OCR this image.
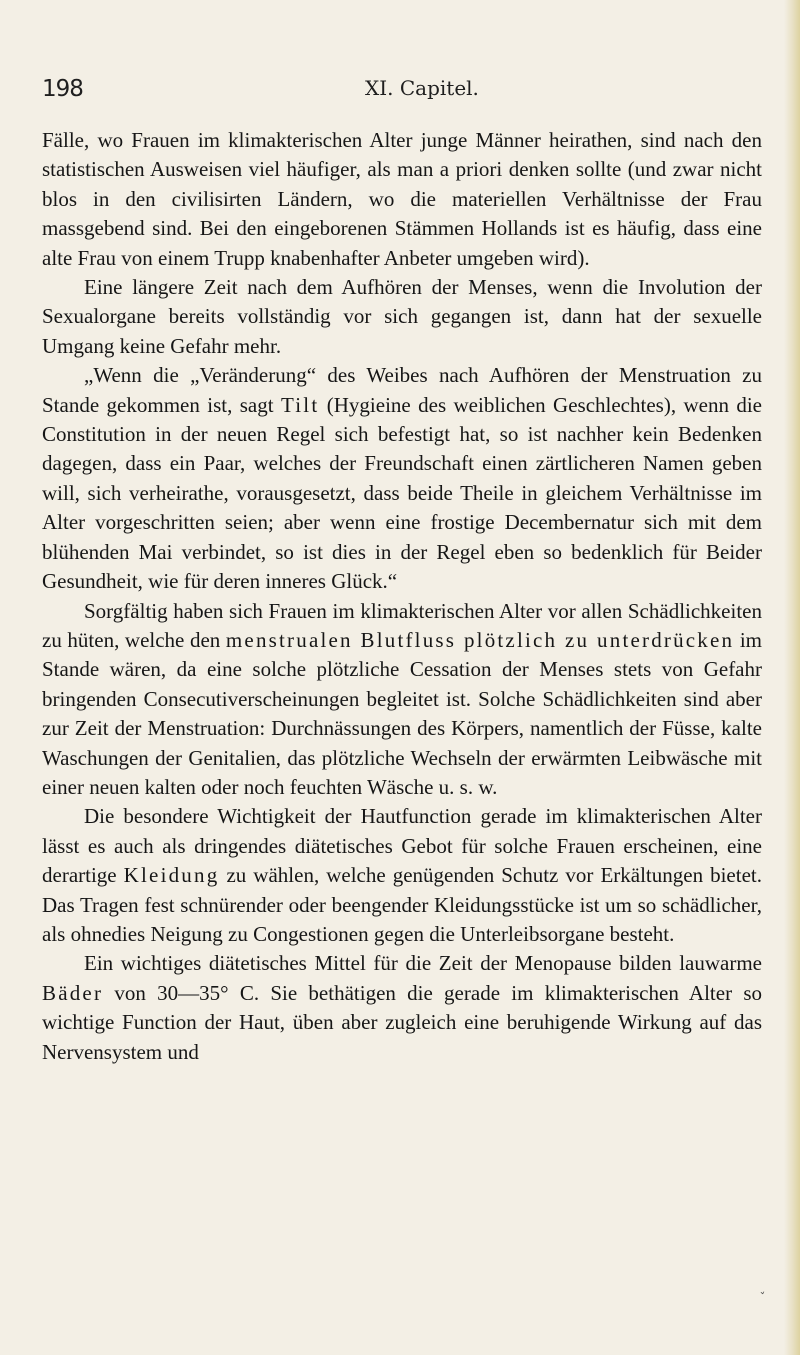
198	XI. Capitel.

Fälle, wo Frauen im klimakterischen Alter junge Männer heirathen, sind nach den statistischen Ausweisen viel häufiger, als man a priori denken sollte (und zwar nicht blos in den civilisirten Ländern, wo die materiellen Verhältnisse der Frau massgebend sind. Bei den eingeborenen Stämmen Hollands ist es häufig, dass eine alte Frau von einem Trupp knabenhafter Anbeter umgeben wird).

Eine längere Zeit nach dem Aufhören der Menses, wenn die Involution der Sexualorgane bereits vollständig vor sich gegangen ist, dann hat der sexuelle Umgang keine Gefahr mehr.

„Wenn die „Veränderung“ des Weibes nach Aufhören der Menstruation zu Stande gekommen ist, sagt Tilt (Hygieine des weiblichen Geschlechtes), wenn die Constitution in der neuen Regel sich befestigt hat, so ist nachher kein Bedenken dagegen, dass ein Paar, welches der Freundschaft einen zärtlicheren Namen geben will, sich verheirathe, vorausgesetzt, dass beide Theile in gleichem Verhältnisse im Alter vorgeschritten seien; aber wenn eine frostige Decembernatur sich mit dem blühenden Mai verbindet, so ist dies in der Regel eben so bedenklich für Beider Gesundheit, wie für deren inneres Glück.“

Sorgfältig haben sich Frauen im klimakterischen Alter vor allen Schädlichkeiten zu hüten, welche den menstrualen Blutfluss plötzlich zu unterdrücken im Stande wären, da eine solche plötzliche Cessation der Menses stets von Gefahr bringenden Consecutiverscheinungen begleitet ist. Solche Schädlichkeiten sind aber zur Zeit der Menstruation: Durchnässungen des Körpers, namentlich der Füsse, kalte Waschungen der Genitalien, das plötzliche Wechseln der erwärmten Leibwäsche mit einer neuen kalten oder noch feuchten Wäsche u. s. w.

Die besondere Wichtigkeit der Hautfunction gerade im klimakterischen Alter lässt es auch als dringendes diätetisches Gebot für solche Frauen erscheinen, eine derartige Kleidung zu wählen, welche genügenden Schutz vor Erkältungen bietet. Das Tragen fest schnürender oder beengender Kleidungsstücke ist um so schädlicher, als ohnedies Neigung zu Congestionen gegen die Unterleibsorgane besteht.

Ein wichtiges diätetisches Mittel für die Zeit der Menopause bilden lauwarme Bäder von 30—35° C. Sie bethätigen die gerade im klimakterischen Alter so wichtige Function der Haut, üben aber zugleich eine beruhigende Wirkung auf das Nervensystem und

ˇ
